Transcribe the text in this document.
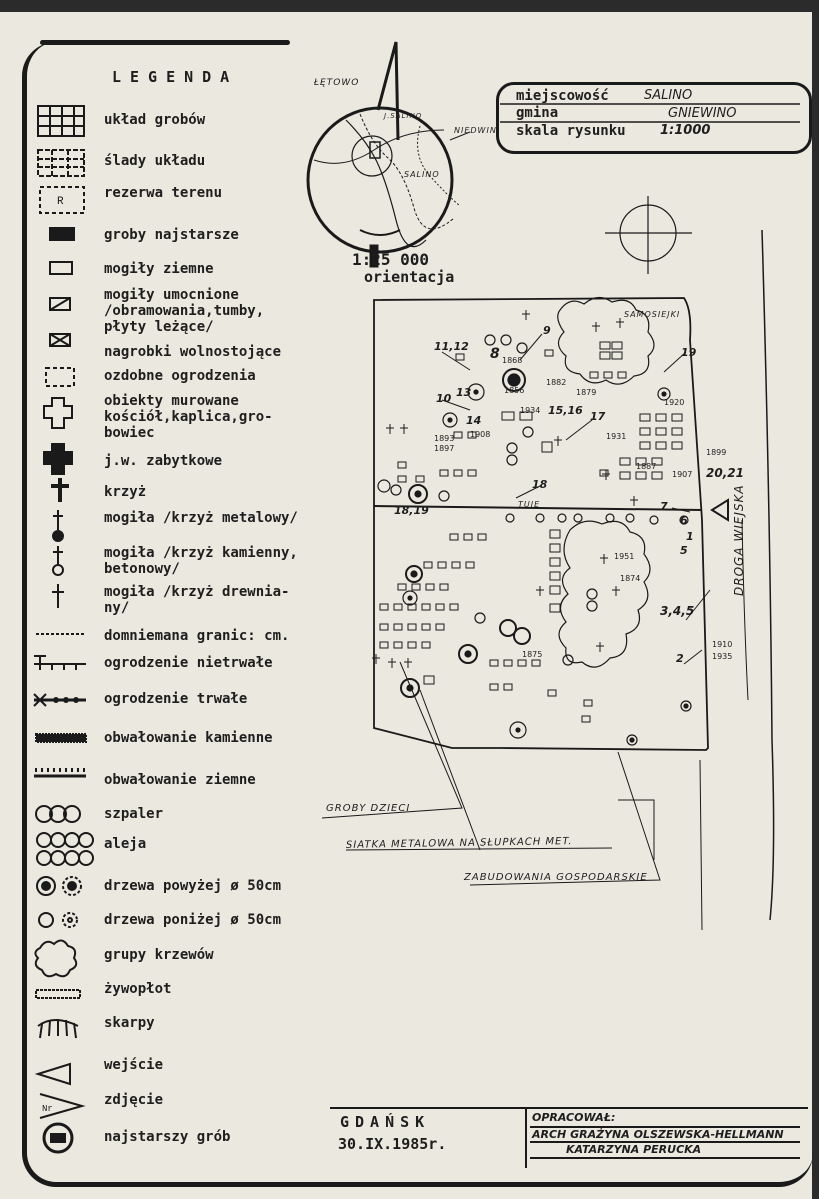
LEGENDA
R
Nr
układ grobów
ślady układu
rezerwa terenu
groby najstarsze
mogiły ziemne
mogiły umocnione
/obramowania,tumby,
płyty leżące/
nagrobki wolnostojące
ozdobne ogrodzenia
obiekty murowane
kościół,kaplica,gro-
bowiec
j.w. zabytkowe
krzyż
mogiła /krzyż metalowy/
mogiła /krzyż kamienny,
betonowy/
mogiła /krzyż drewnia-
ny/
domniemana granic: cm.
ogrodzenie nietrwałe
ogrodzenie trwałe
obwałowanie kamienne
obwałowanie ziemne
szpaler
aleja
drzewa powyżej ø 50cm
drzewa poniżej ø 50cm
grupy krzewów
żywopłot
skarpy
wejście
zdjęcie
najstarszy grób
miejscowość	SALINO
gmina	GNIEWINO
skala rysunku	1:1000
ŁĘTOWO
NIEDWIN
J.SALINO
SALINO
1:25 000
orientacja
SAMOSIEJKI
TUJE	DROGA WIEJSKA
GROBY DZIECI
SIATKA METALOWA NA SŁUPKACH MET.
ZABUDOWANIA GOSPODARSKIE
11,12 8
9
19
10 13
14
15,16 17
18
20,21
18,19	7
6
5
3,4,5
2
1
1868
1856
1882
1879
1920
1893
1897
1908
1934
1931
1899
1907
1887
1951
1874
1875
1910
1935
GDAŃSK
30.IX.1985r.
OPRACOWAŁ:
ARCH GRAŻYNA OLSZEWSKA-HELLMANN
KATARZYNA PERUCKA
